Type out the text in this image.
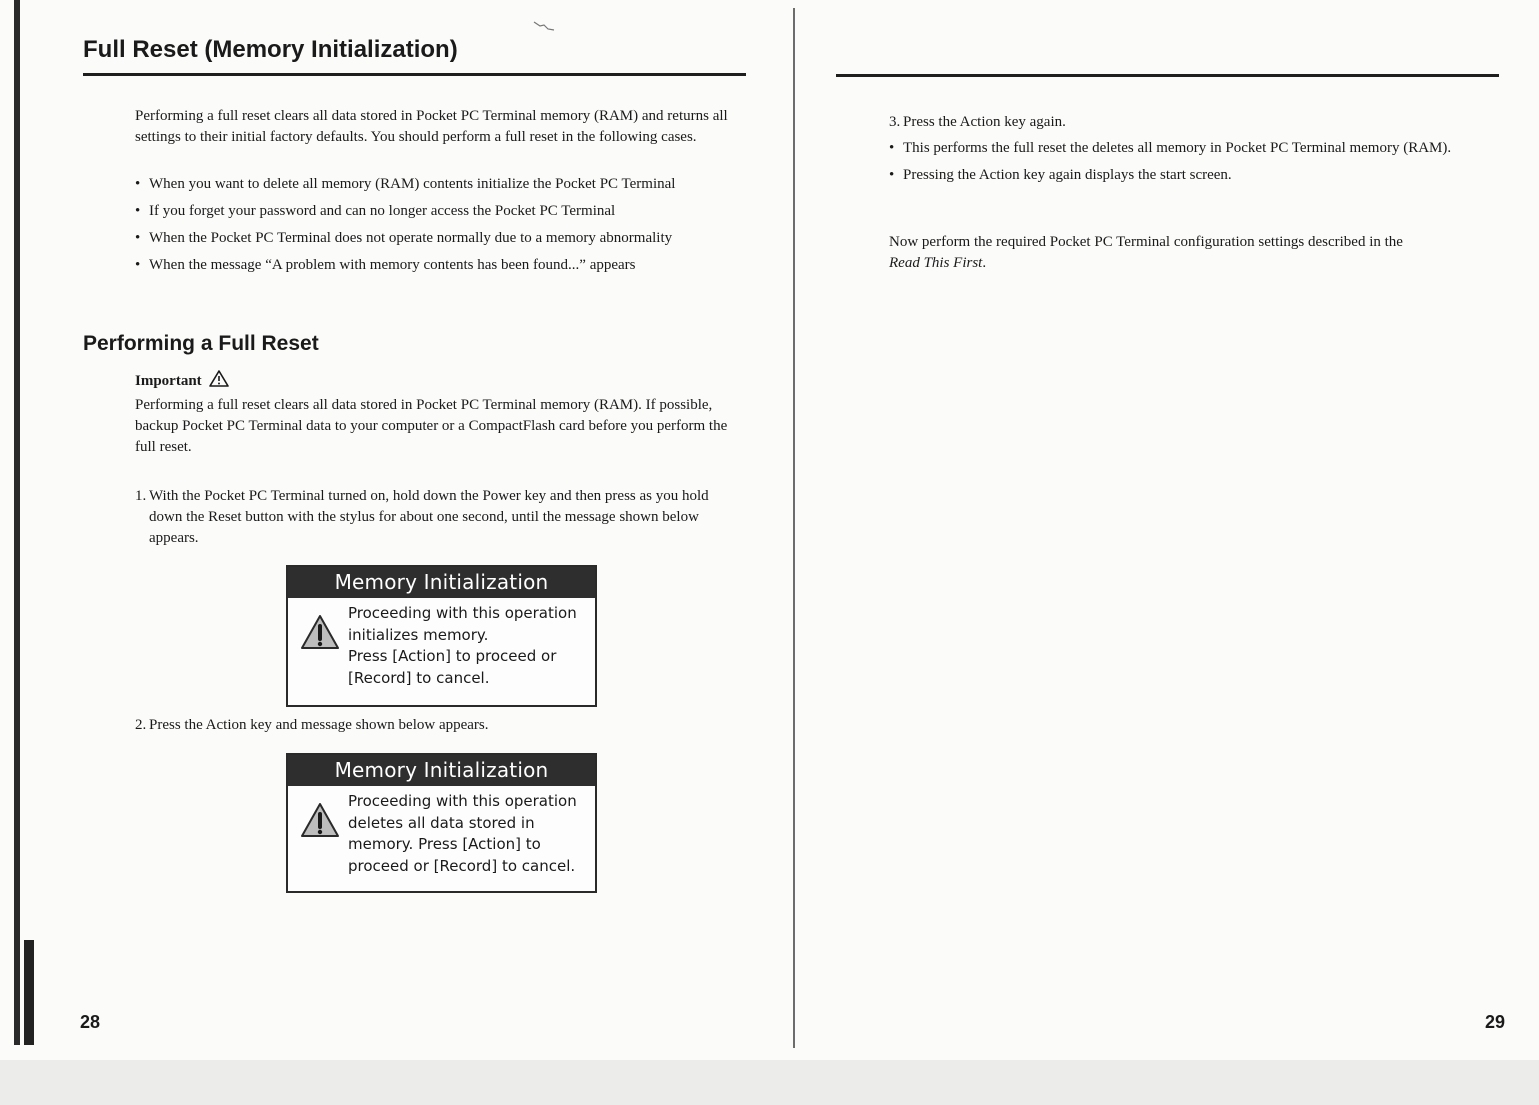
Full Reset (Memory Initialization)

Performing a full reset clears all data stored in Pocket PC Terminal memory (RAM) and returns all settings to their initial factory defaults. You should perform a full reset in the following cases.

• When you want to delete all memory (RAM) contents initialize the Pocket PC Terminal
• If you forget your password and can no longer access the Pocket PC Terminal
• When the Pocket PC Terminal does not operate normally due to a memory abnormality
• When the message “A problem with memory contents has been found...” appears
Performing a Full Reset
Important

Performing a full reset clears all data stored in Pocket PC Terminal memory (RAM). If possible, backup Pocket PC Terminal data to your computer or a CompactFlash card before you perform the full reset.

1. With the Pocket PC Terminal turned on, hold down the Power key and then press as you hold down the Reset button with the stylus for about one second, until the message shown below appears.
Memory Initialization
Proceeding with this operation
initializes memory.
Press [Action] to proceed or
[Record] to cancel.
2. Press the Action key and message shown below appears.
Memory Initialization
Proceeding with this operation
deletes all data stored in
memory. Press [Action] to
proceed or [Record] to cancel.
28
3. Press the Action key again.
• This performs the full reset the deletes all memory in Pocket PC Terminal memory (RAM).
• Pressing the Action key again displays the start screen.

Now perform the required Pocket PC Terminal configuration settings described in the
Read This First.

29
